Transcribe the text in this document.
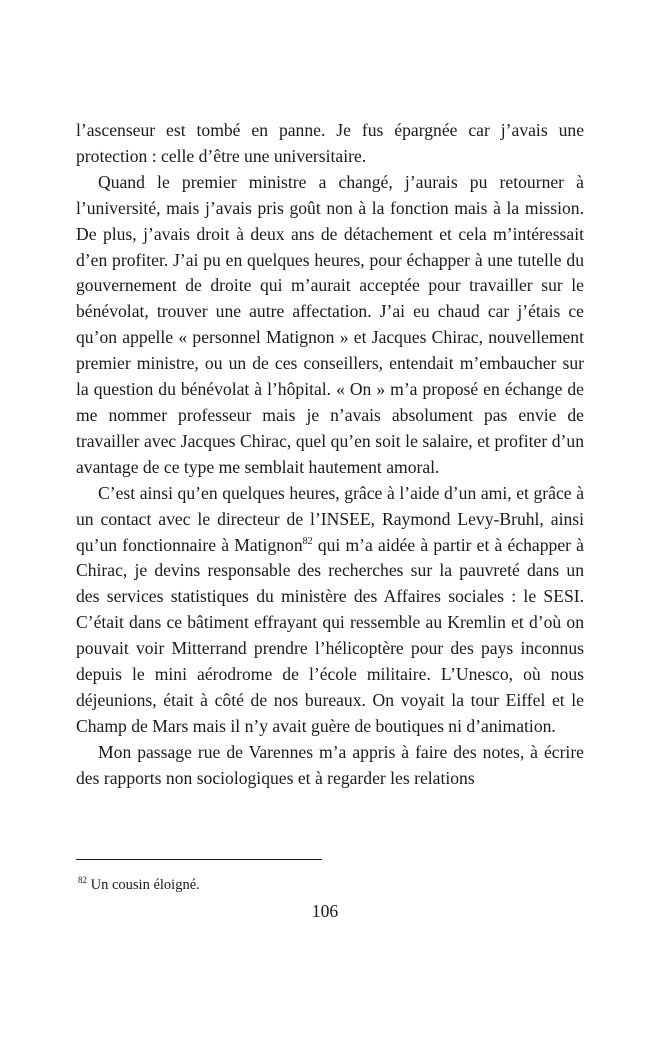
l’ascenseur est tombé en panne. Je fus épargnée car j’avais une protection : celle d’être une universitaire.

Quand le premier ministre a changé, j’aurais pu retourner à l’université, mais j’avais pris goût non à la fonction mais à la mission. De plus, j’avais droit à deux ans de détachement et cela m’intéressait d’en profiter. J’ai pu en quelques heures, pour échapper à une tutelle du gouvernement de droite qui m’aurait acceptée pour travailler sur le bénévolat, trouver une autre affectation. J’ai eu chaud car j’étais ce qu’on appelle « personnel Matignon » et Jacques Chirac, nouvellement premier ministre, ou un de ces conseillers, entendait m’embaucher sur la question du bénévolat à l’hôpital. « On » m’a proposé en échange de me nommer professeur mais je n’avais absolument pas envie de travailler avec Jacques Chirac, quel qu’en soit le salaire, et profiter d’un avantage de ce type me semblait hautement amoral.

C’est ainsi qu’en quelques heures, grâce à l’aide d’un ami, et grâce à un contact avec le directeur de l’INSEE, Raymond Levy-Bruhl, ainsi qu’un fonctionnaire à Matignon$^{82}$ qui m’a aidée à partir et à échapper à Chirac, je devins responsable des recherches sur la pauvreté dans un des services statistiques du ministère des Affaires sociales : le SESI. C’était dans ce bâtiment effrayant qui ressemble au Kremlin et d’où on pouvait voir Mitterrand prendre l’hélicoptère pour des pays inconnus depuis le mini aérodrome de l’école militaire. L’Unesco, où nous déjeunions, était à côté de nos bureaux. On voyait la tour Eiffel et le Champ de Mars mais il n’y avait guère de boutiques ni d’animation.

Mon passage rue de Varennes m’a appris à faire des notes, à écrire des rapports non sociologiques et à regarder les relations

$^{82}$ Un cousin éloigné.
106
